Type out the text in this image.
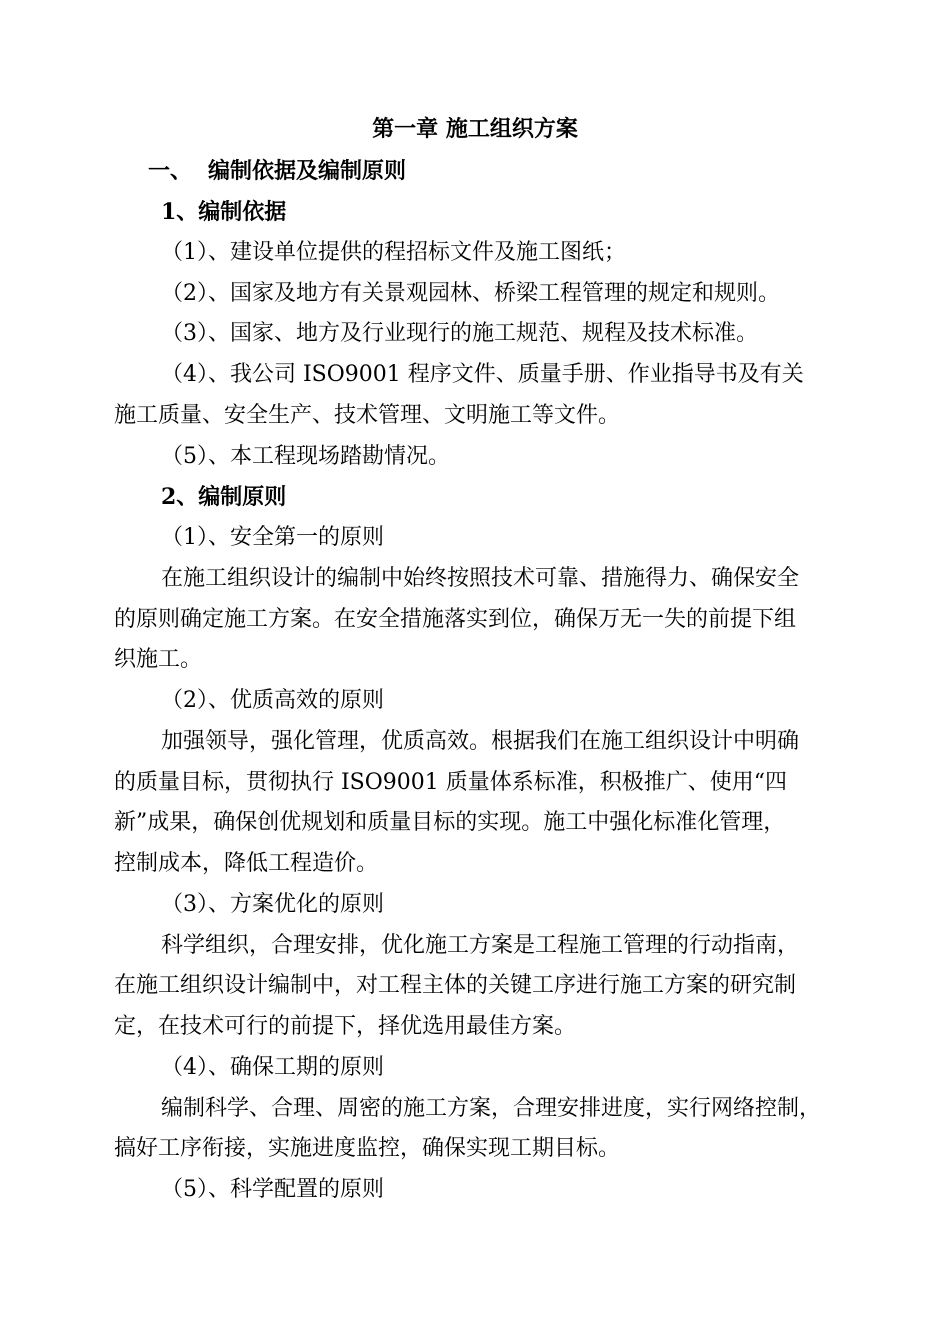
第一章 施工组织方案
一、 编制依据及编制原则
1、编制依据
（1）、建设单位提供的程招标文件及施工图纸；
（2）、国家及地方有关景观园林、桥梁工程管理的规定和规则。
（3）、国家、地方及行业现行的施工规范、规程及技术标准。
（4）、我公司 ISO9001 程序文件、质量手册、作业指导书及有关
施工质量、安全生产、技术管理、文明施工等文件。
（5）、本工程现场踏勘情况。
2、编制原则
（1）、安全第一的原则
在施工组织设计的编制中始终按照技术可靠、措施得力、确保安全
的原则确定施工方案。在安全措施落实到位，确保万无一失的前提下组
织施工。
（2）、优质高效的原则
加强领导，强化管理，优质高效。根据我们在施工组织设计中明确
的质量目标，贯彻执行 ISO9001 质量体系标准，积极推广、使用“四
新”成果，确保创优规划和质量目标的实现。施工中强化标准化管理，
控制成本，降低工程造价。
（3）、方案优化的原则
科学组织，合理安排，优化施工方案是工程施工管理的行动指南，
在施工组织设计编制中，对工程主体的关键工序进行施工方案的研究制
定，在技术可行的前提下，择优选用最佳方案。
（4）、确保工期的原则
编制科学、合理、周密的施工方案，合理安排进度，实行网络控制，
搞好工序衔接，实施进度监控，确保实现工期目标。
（5）、科学配置的原则
